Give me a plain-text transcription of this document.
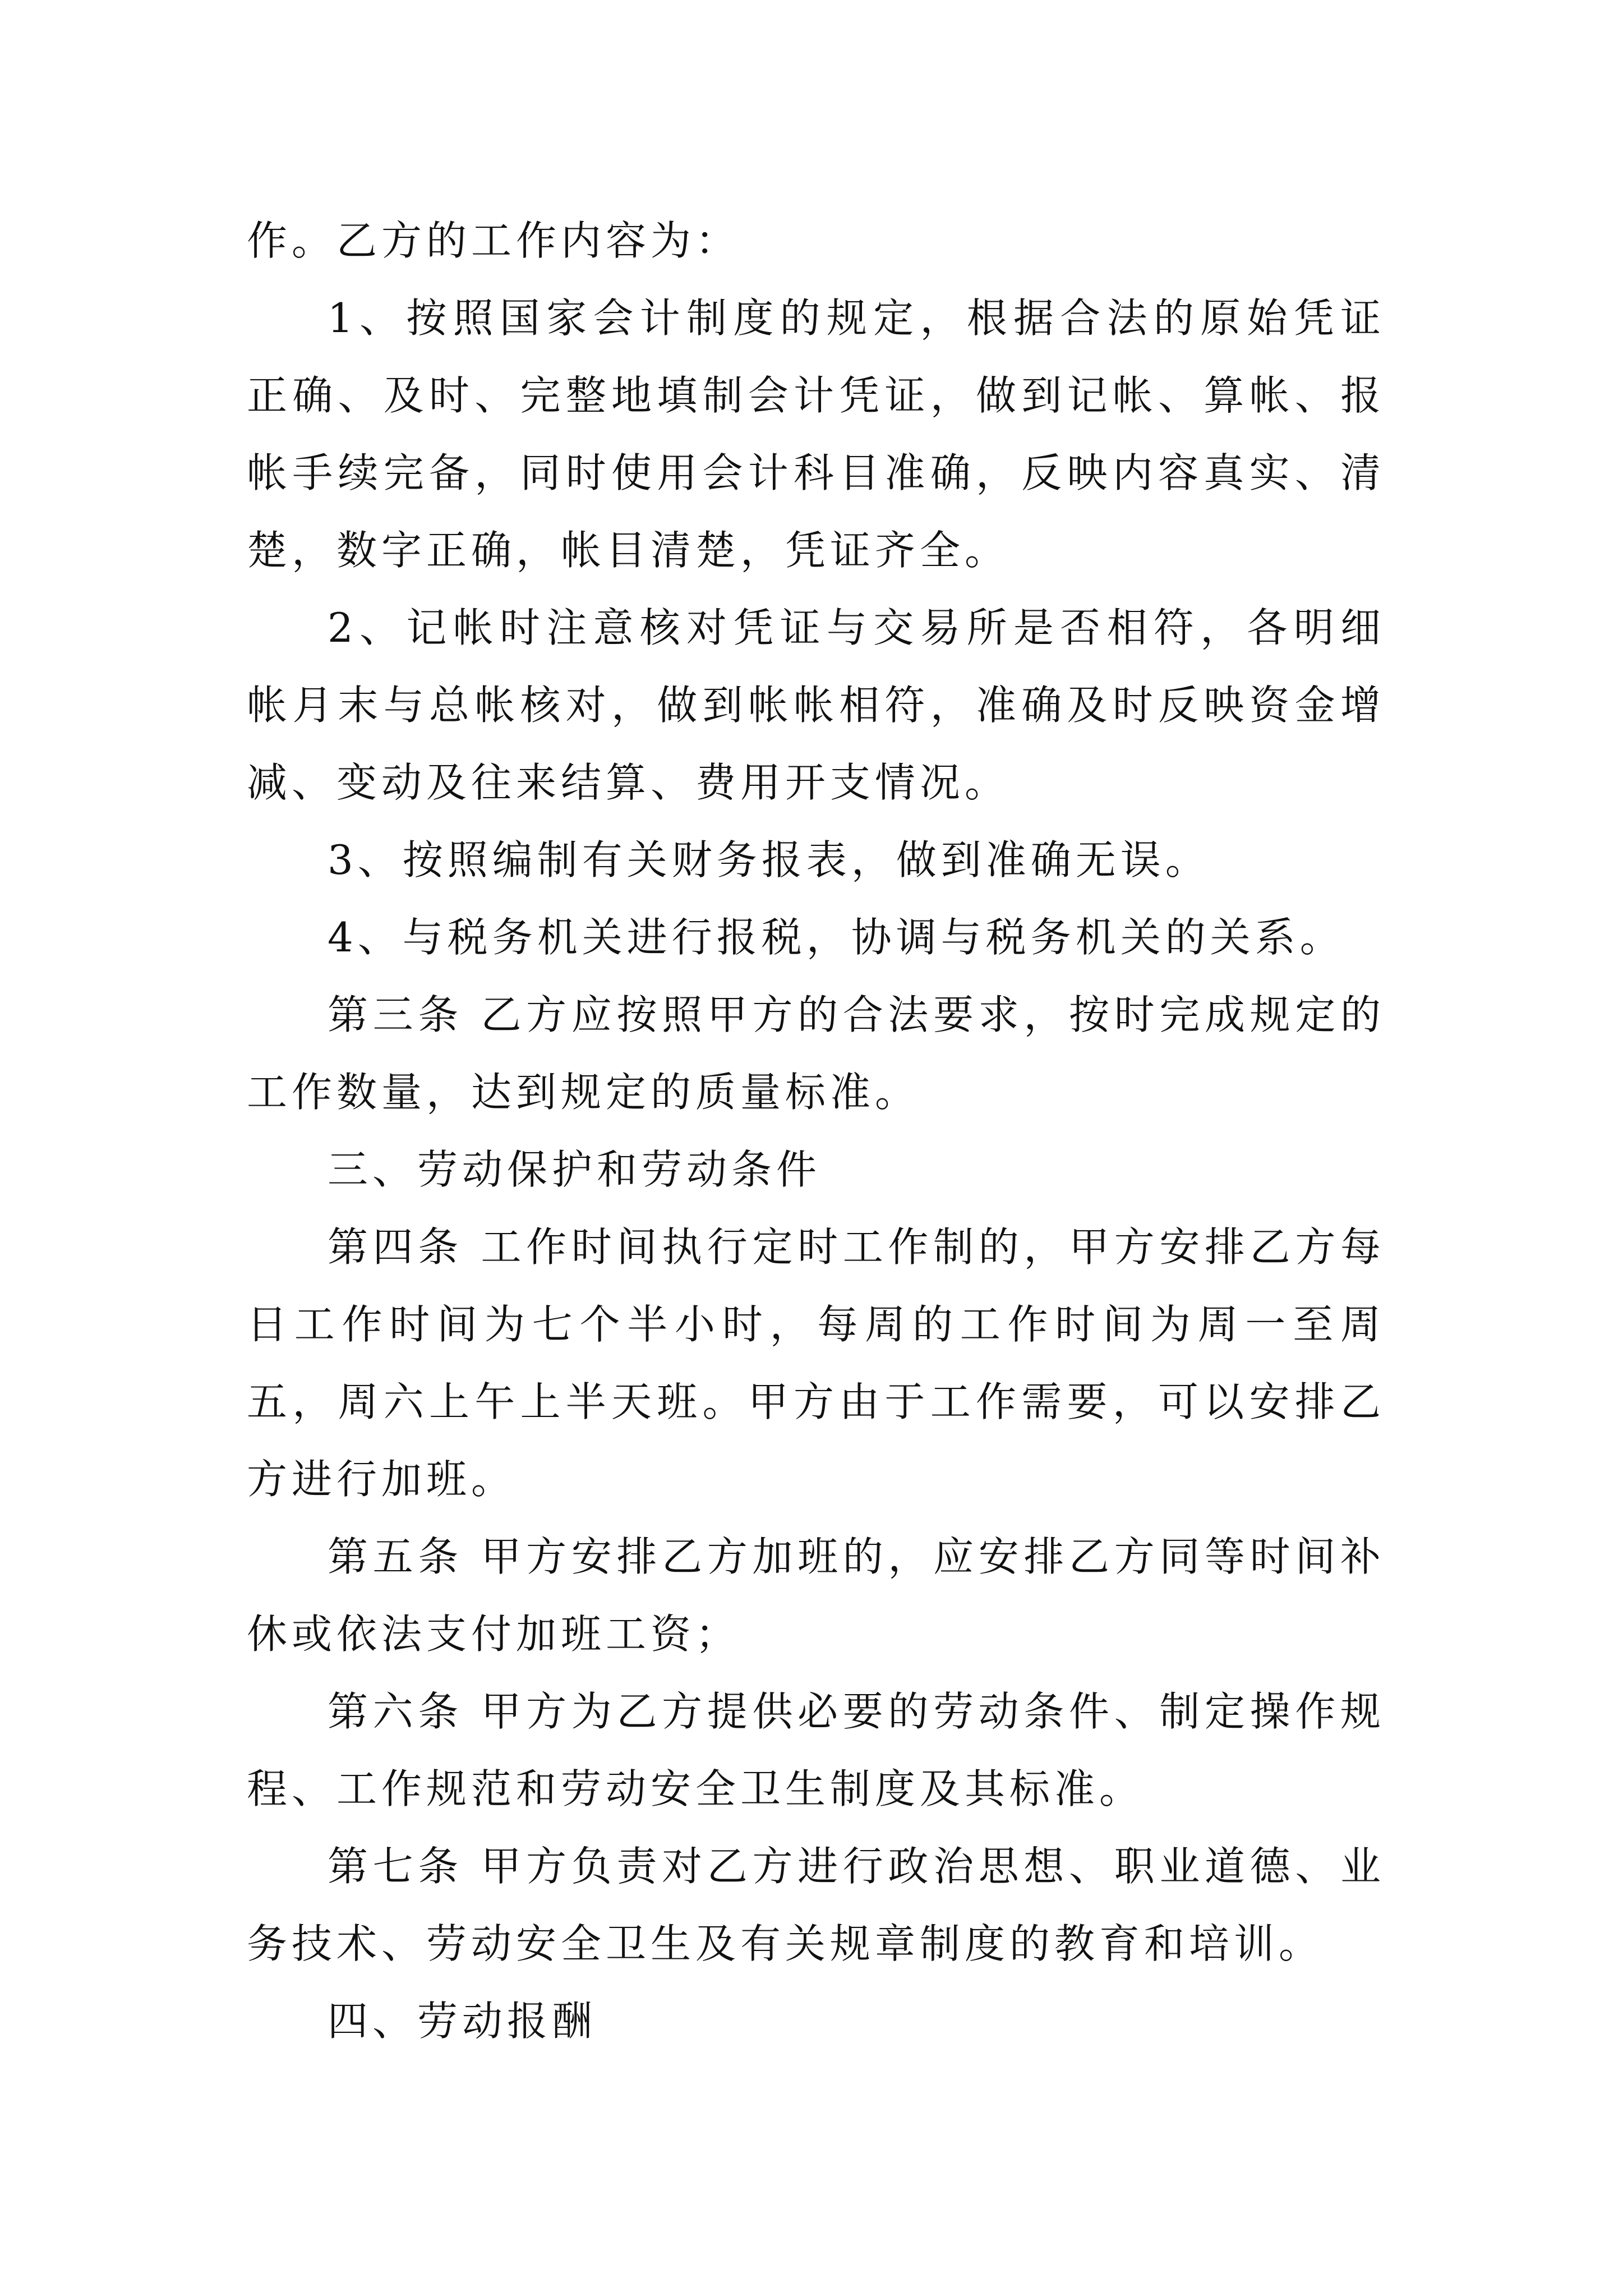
作。乙方的工作内容为：

1、按照国家会计制度的规定，根据合法的原始凭证正确、及时、完整地填制会计凭证，做到记帐、算帐、报帐手续完备，同时使用会计科目准确，反映内容真实、清楚，数字正确，帐目清楚，凭证齐全。

2、记帐时注意核对凭证与交易所是否相符，各明细帐月末与总帐核对，做到帐帐相符，准确及时反映资金增减、变动及往来结算、费用开支情况。

3、按照编制有关财务报表，做到准确无误。

4、与税务机关进行报税，协调与税务机关的关系。

第三条 乙方应按照甲方的合法要求，按时完成规定的工作数量，达到规定的质量标准。

三、劳动保护和劳动条件

第四条 工作时间执行定时工作制的，甲方安排乙方每日工作时间为七个半小时，每周的工作时间为周一至周五，周六上午上半天班。甲方由于工作需要，可以安排乙方进行加班。

第五条 甲方安排乙方加班的，应安排乙方同等时间补休或依法支付加班工资；

第六条 甲方为乙方提供必要的劳动条件、制定操作规程、工作规范和劳动安全卫生制度及其标准。

第七条 甲方负责对乙方进行政治思想、职业道德、业务技术、劳动安全卫生及有关规章制度的教育和培训。

四、劳动报酬
